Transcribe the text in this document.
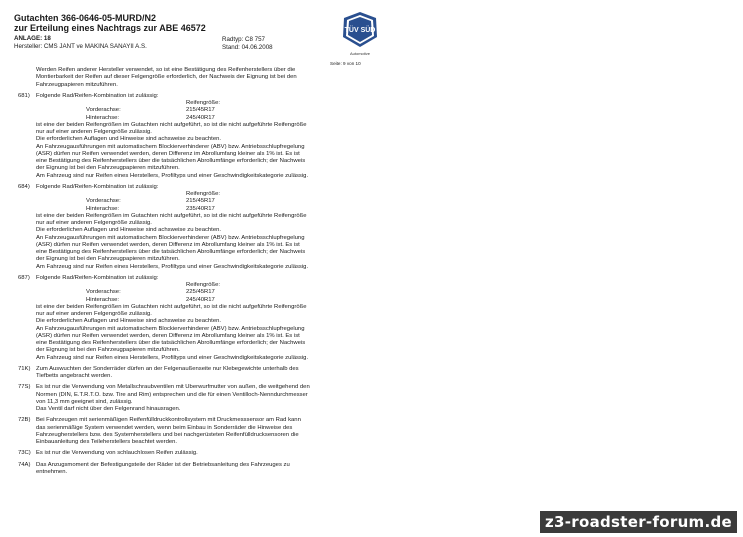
Gutachten 366-0646-05-MURD/N2
zur Erteilung eines Nachtrags zur ABE 46572
ANLAGE: 18
Hersteller: CMS JANT ve MAKINA SANAYII A.S.
Radtyp: C8 757
Stand: 04.06.2008
TÜV SÜD
Automotive
Seite: 9 von 10
Werden Reifen anderer Hersteller verwendet, so ist eine Bestätigung des Reifenherstellers über die
Montierbarkeit der Reifen auf dieser Felgengröße erforderlich, der Nachweis der Eignung ist bei den
Fahrzeugpapieren mitzuführen.
681) Folgende Rad/Reifen-Kombination ist zulässig:
Reifengröße:
Vorderachse:	215/45R17
Hinterachse:	245/40R17
ist eine der beiden Reifengrößen im Gutachten nicht aufgeführt, so ist die nicht aufgeführte Reifengröße
nur auf einer anderen Felgengröße zulässig.
Die erforderlichen Auflagen und Hinweise sind achsweise zu beachten.
An Fahrzeugausführungen mit automatischem Blockierverhinderer (ABV) bzw. Antriebsschlupfregelung
(ASR) dürfen nur Reifen verwendet werden, deren Differenz im Abrollumfang kleiner als 1% ist. Es ist
eine Bestätigung des Reifenherstellers über die tatsächlichen Abrollumfänge erforderlich; der Nachweis
der Eignung ist bei den Fahrzeugpapieren mitzuführen.
Am Fahrzeug sind nur Reifen eines Herstellers, Profiltyps und einer Geschwindigkeitskategorie zulässig.
684) Folgende Rad/Reifen-Kombination ist zulässig:
Reifengröße:
Vorderachse:	215/45R17
Hinterachse:	235/40R17
ist eine der beiden Reifengrößen im Gutachten nicht aufgeführt, so ist die nicht aufgeführte Reifengröße
nur auf einer anderen Felgengröße zulässig.
Die erforderlichen Auflagen und Hinweise sind achsweise zu beachten.
An Fahrzeugausführungen mit automatischem Blockierverhinderer (ABV) bzw. Antriebsschlupfregelung
(ASR) dürfen nur Reifen verwendet werden, deren Differenz im Abrollumfang kleiner als 1% ist. Es ist
eine Bestätigung des Reifenherstellers über die tatsächlichen Abrollumfänge erforderlich; der Nachweis
der Eignung ist bei den Fahrzeugpapieren mitzuführen.
Am Fahrzeug sind nur Reifen eines Herstellers, Profiltyps und einer Geschwindigkeitskategorie zulässig.
687) Folgende Rad/Reifen-Kombination ist zulässig:
Reifengröße:
Vorderachse:	225/45R17
Hinterachse:	245/40R17
ist eine der beiden Reifengrößen im Gutachten nicht aufgeführt, so ist die nicht aufgeführte Reifengröße
nur auf einer anderen Felgengröße zulässig.
Die erforderlichen Auflagen und Hinweise sind achsweise zu beachten.
An Fahrzeugausführungen mit automatischem Blockierverhinderer (ABV) bzw. Antriebsschlupfregelung
(ASR) dürfen nur Reifen verwendet werden, deren Differenz im Abrollumfang kleiner als 1% ist. Es ist
eine Bestätigung des Reifenherstellers über die tatsächlichen Abrollumfänge erforderlich; der Nachweis
der Eignung ist bei den Fahrzeugpapieren mitzuführen.
Am Fahrzeug sind nur Reifen eines Herstellers, Profiltyps und einer Geschwindigkeitskategorie zulässig.
71K) Zum Auswuchten der Sonderräder dürfen an der Felgenaußenseite nur Klebegewichte unterhalb des
Tiefbetts angebracht werden.
77S) Es ist nur die Verwendung von Metallschraubventilen mit Überwurfmutter von außen, die weitgehend den
Normen (DIN, E.T.R.T.O. bzw. Tire and Rim) entsprechen und die für einen Ventilloch-Nenndurchmesser
von 11,3 mm geeignet sind, zulässig.
Das Ventil darf nicht über den Felgenrand hinausragen.
72B) Bei Fahrzeugen mit serienmäßigen Reifenfülldruckkontrollsystem mit Druckmesssensor am Rad kann
das serienmäßige System verwendet werden, wenn beim Einbau in Sonderräder die Hinweise des
Fahrzeugherstellers bzw. des Systemherstellers und bei nachgerüsteten Reifenfülldrucksensoren die
Einbauanleitung des Teileherstellers beachtet werden.
73C) Es ist nur die Verwendung von schlauchlosen Reifen zulässig.
74A) Das Anzugsmoment der Befestigungsteile der Räder ist der Betriebsanleitung des Fahrzeuges zu
entnehmen.
z3-roadster-forum.de
